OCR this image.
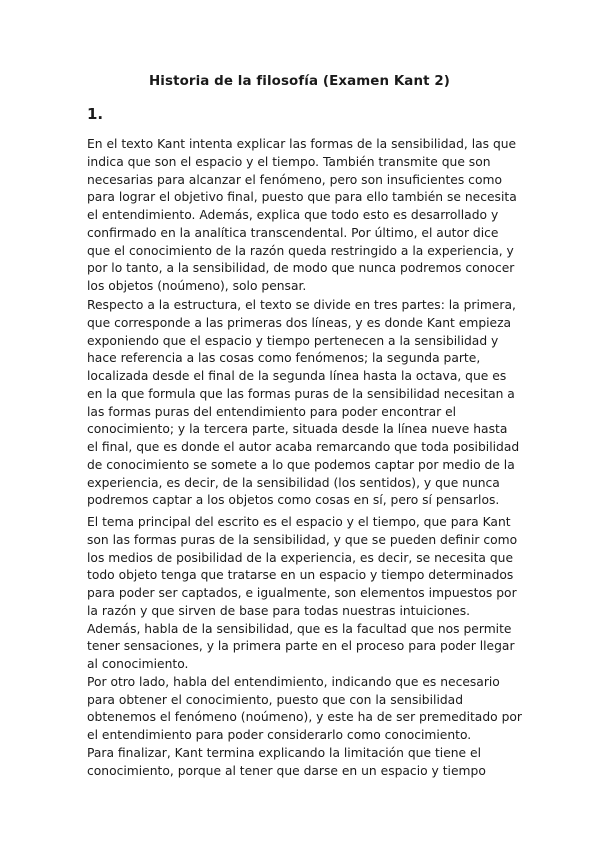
Historia de la filosofía (Examen Kant 2)
1.

En el texto Kant intenta explicar las formas de la sensibilidad, las que indica que son el espacio y el tiempo. También transmite que son necesarias para alcanzar el fenómeno, pero son insuficientes como para lograr el objetivo final, puesto que para ello también se necesita el entendimiento. Además, explica que todo esto es desarrollado y confirmado en la analítica transcendental. Por último, el autor dice que el conocimiento de la razón queda restringido a la experiencia, y por lo tanto, a la sensibilidad, de modo que nunca podremos conocer los objetos (noúmeno), solo pensar.

Respecto a la estructura, el texto se divide en tres partes: la primera, que corresponde a las primeras dos líneas, y es donde Kant empieza exponiendo que el espacio y tiempo pertenecen a la sensibilidad y hace referencia a las cosas como fenómenos; la segunda parte, localizada desde el final de la segunda línea hasta la octava, que es en la que formula que las formas puras de la sensibilidad necesitan a las formas puras del entendimiento para poder encontrar el conocimiento; y la tercera parte, situada desde la línea nueve hasta el final, que es donde el autor acaba remarcando que toda posibilidad de conocimiento se somete a lo que podemos captar por medio de la experiencia, es decir, de la sensibilidad (los sentidos), y que nunca podremos captar a los objetos como cosas en sí, pero sí pensarlos.

El tema principal del escrito es el espacio y el tiempo, que para Kant son las formas puras de la sensibilidad, y que se pueden definir como los medios de posibilidad de la experiencia, es decir, se necesita que todo objeto tenga que tratarse en un espacio y tiempo determinados para poder ser captados, e igualmente, son elementos impuestos por la razón y que sirven de base para todas nuestras intuiciones.

Además, habla de la sensibilidad, que es la facultad que nos permite tener sensaciones, y la primera parte en el proceso para poder llegar al conocimiento.

Por otro lado, habla del entendimiento, indicando que es necesario para obtener el conocimiento, puesto que con la sensibilidad obtenemos el fenómeno (noúmeno), y este ha de ser premeditado por el entendimiento para poder considerarlo como conocimiento.

Para finalizar, Kant termina explicando la limitación que tiene el conocimiento, porque al tener que darse en un espacio y tiempo
